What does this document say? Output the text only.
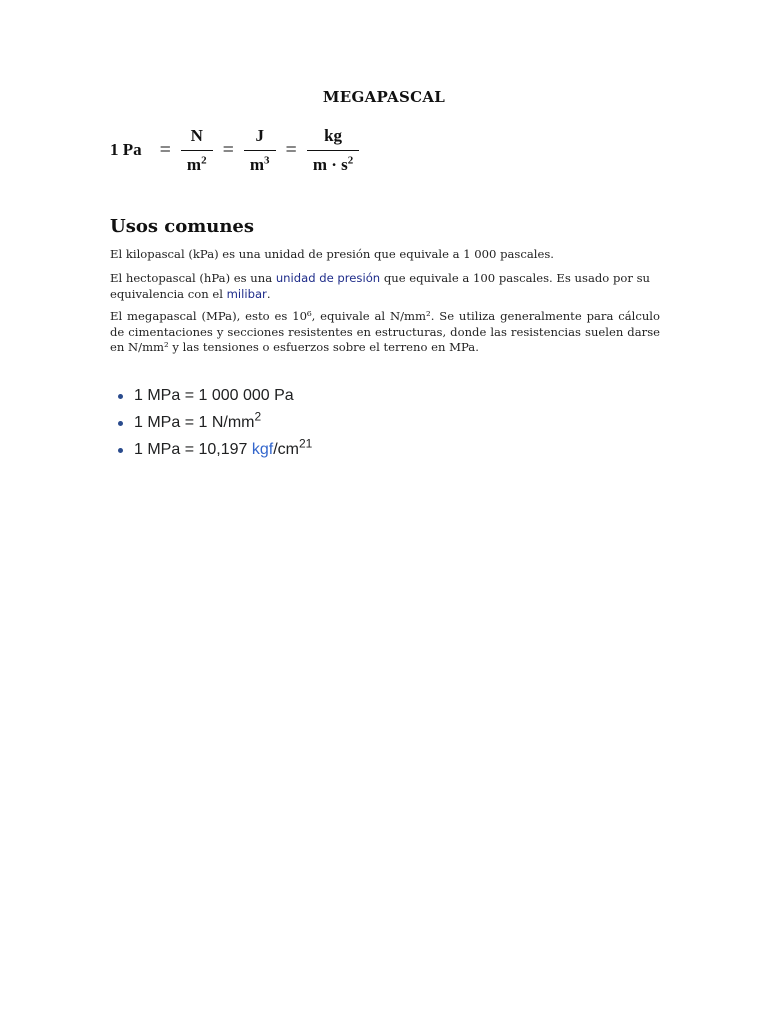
MEGAPASCAL
1 $Pa = \frac{N}{m^2} = \frac{J}{m^3} = \frac{kg}{m \cdot s^2}$
Usos comunes

El kilopascal (kPa) es una unidad de presión que equivale a 1 000 pascales.

El hectopascal (hPa) es una unidad de presión que equivale a 100 pascales. Es usado por su equivalencia con el milibar.

El megapascal (MPa), esto es 10⁶, equivale al N/mm². Se utiliza generalmente para cálculo de cimentaciones y secciones resistentes en estructuras, donde las resistencias suelen darse en N/mm² y las tensiones o esfuerzos sobre el terreno en MPa.

1 MPa = 1 000 000 Pa
1 MPa = 1 $N/mm^2$
1 MPa = 10,197 kgf/$cm^{21}$
